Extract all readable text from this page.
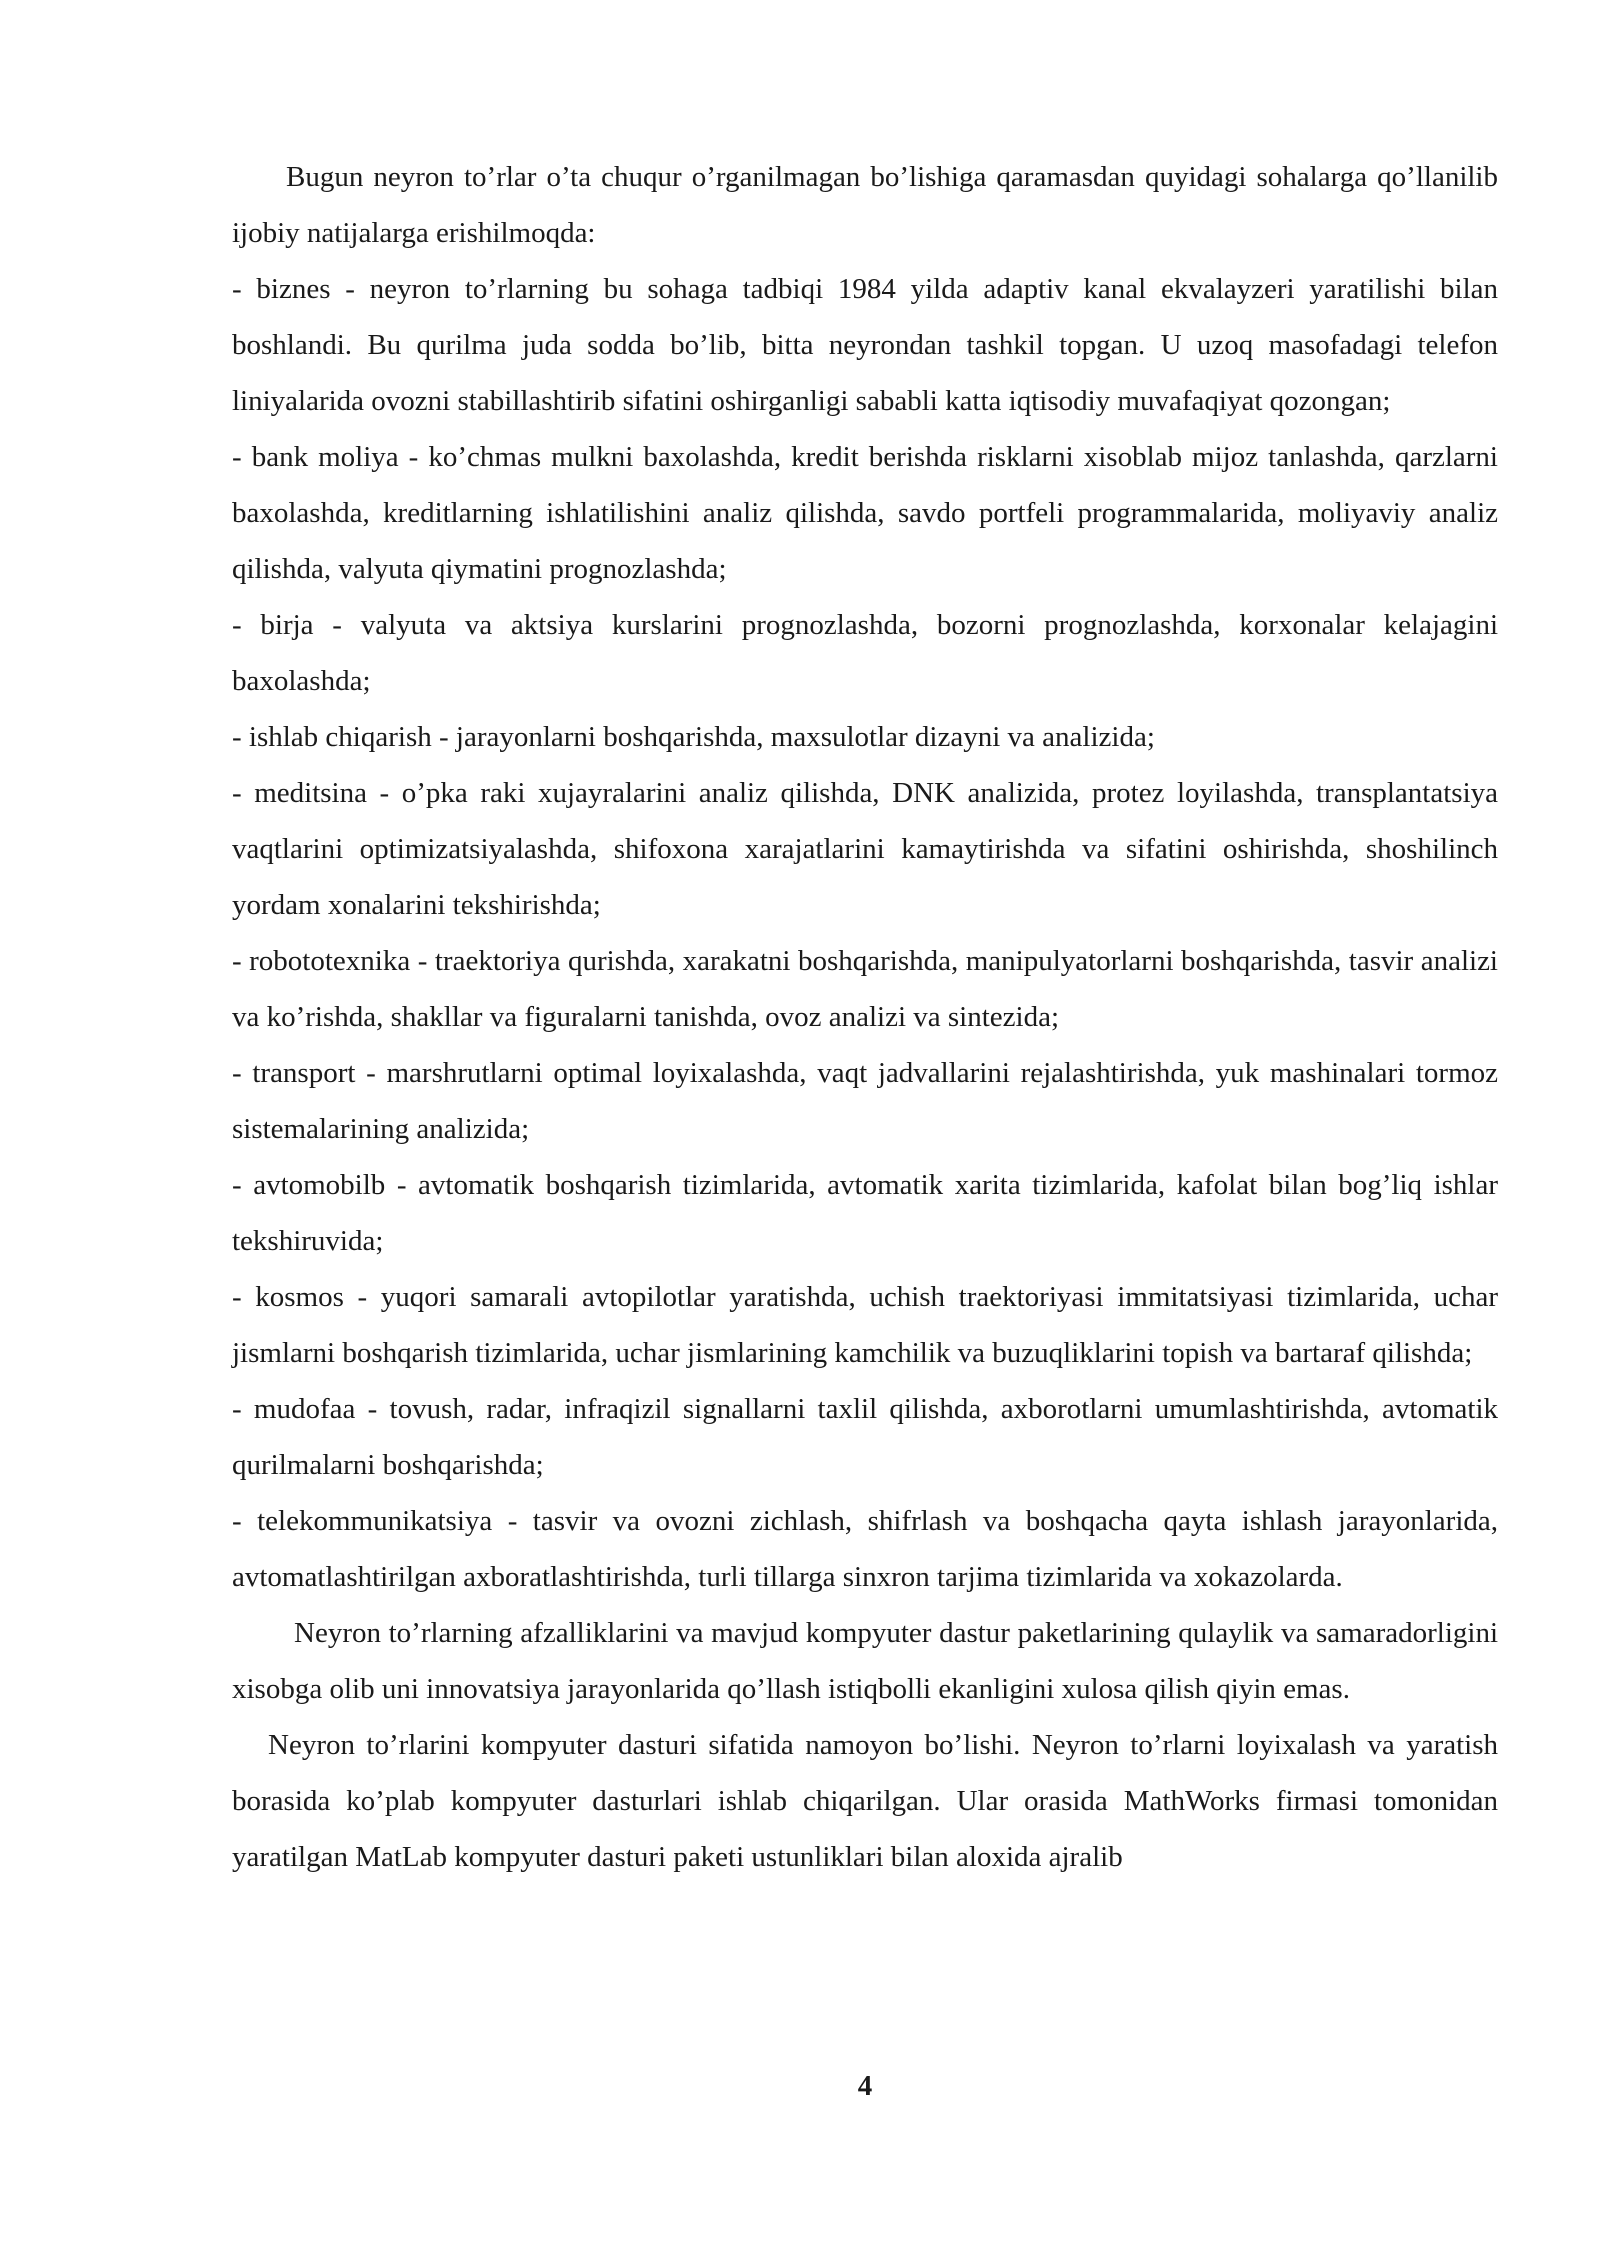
Bugun neyron to’rlar o’ta chuqur o’rganilmagan bo’lishiga qaramasdan quyidagi sohalarga qo’llanilib ijobiy natijalarga erishilmoqda:

- biznes - neyron to’rlarning bu sohaga tadbiqi 1984 yilda adaptiv kanal ekvalayzeri yaratilishi bilan boshlandi. Bu qurilma juda sodda bo’lib, bitta neyrondan tashkil topgan. U uzoq masofadagi telefon liniyalarida ovozni stabillashtirib sifatini oshirganligi sababli katta iqtisodiy muvafaqiyat qozongan;

- bank moliya - ko’chmas mulkni baxolashda, kredit berishda risklarni xisoblab mijoz tanlashda, qarzlarni baxolashda, kreditlarning ishlatilishini analiz qilishda, savdo portfeli programmalarida, moliyaviy analiz qilishda, valyuta qiymatini prognozlashda;

- birja - valyuta va aktsiya kurslarini prognozlashda, bozorni prognozlashda, korxonalar kelajagini baxolashda;

- ishlab chiqarish - jarayonlarni boshqarishda, maxsulotlar dizayni va analizida;

- meditsina - o’pka raki xujayralarini analiz qilishda, DNK analizida, protez loyilashda, transplantatsiya vaqtlarini optimizatsiyalashda, shifoxona xarajatlarini kamaytirishda va sifatini oshirishda, shoshilinch yordam xonalarini tekshirishda;

- robototexnika - traektoriya qurishda, xarakatni boshqarishda, manipulyatorlarni boshqarishda, tasvir analizi va ko’rishda, shakllar va figuralarni tanishda, ovoz analizi va sintezida;

- transport - marshrutlarni optimal loyixalashda, vaqt jadvallarini rejalashtirishda, yuk mashinalari tormoz sistemalarining analizida;

- avtomobilb - avtomatik boshqarish tizimlarida, avtomatik xarita tizimlarida, kafolat bilan bog’liq ishlar tekshiruvida;

- kosmos - yuqori samarali avtopilotlar yaratishda, uchish traektoriyasi immitatsiyasi tizimlarida, uchar jismlarni boshqarish tizimlarida, uchar jismlarining kamchilik va buzuqliklarini topish va bartaraf qilishda;

- mudofaa - tovush, radar, infraqizil signallarni taxlil qilishda, axborotlarni umumlashtirishda, avtomatik qurilmalarni boshqarishda;

- telekommunikatsiya - tasvir va ovozni zichlash, shifrlash va boshqacha qayta ishlash jarayonlarida, avtomatlashtirilgan axboratlashtirishda, turli tillarga sinxron tarjima tizimlarida va xokazolarda.

Neyron to’rlarning afzalliklarini va mavjud kompyuter dastur paketlarining qulaylik va samaradorligini xisobga olib uni innovatsiya jarayonlarida qo’llash istiqbolli ekanligini xulosa qilish qiyin emas.

Neyron to’rlarini kompyuter dasturi sifatida namoyon bo’lishi. Neyron to’rlarni loyixalash va yaratish borasida ko’plab kompyuter dasturlari ishlab chiqarilgan. Ular orasida MathWorks firmasi tomonidan yaratilgan MatLab kompyuter dasturi paketi ustunliklari bilan aloxida ajralib

4
